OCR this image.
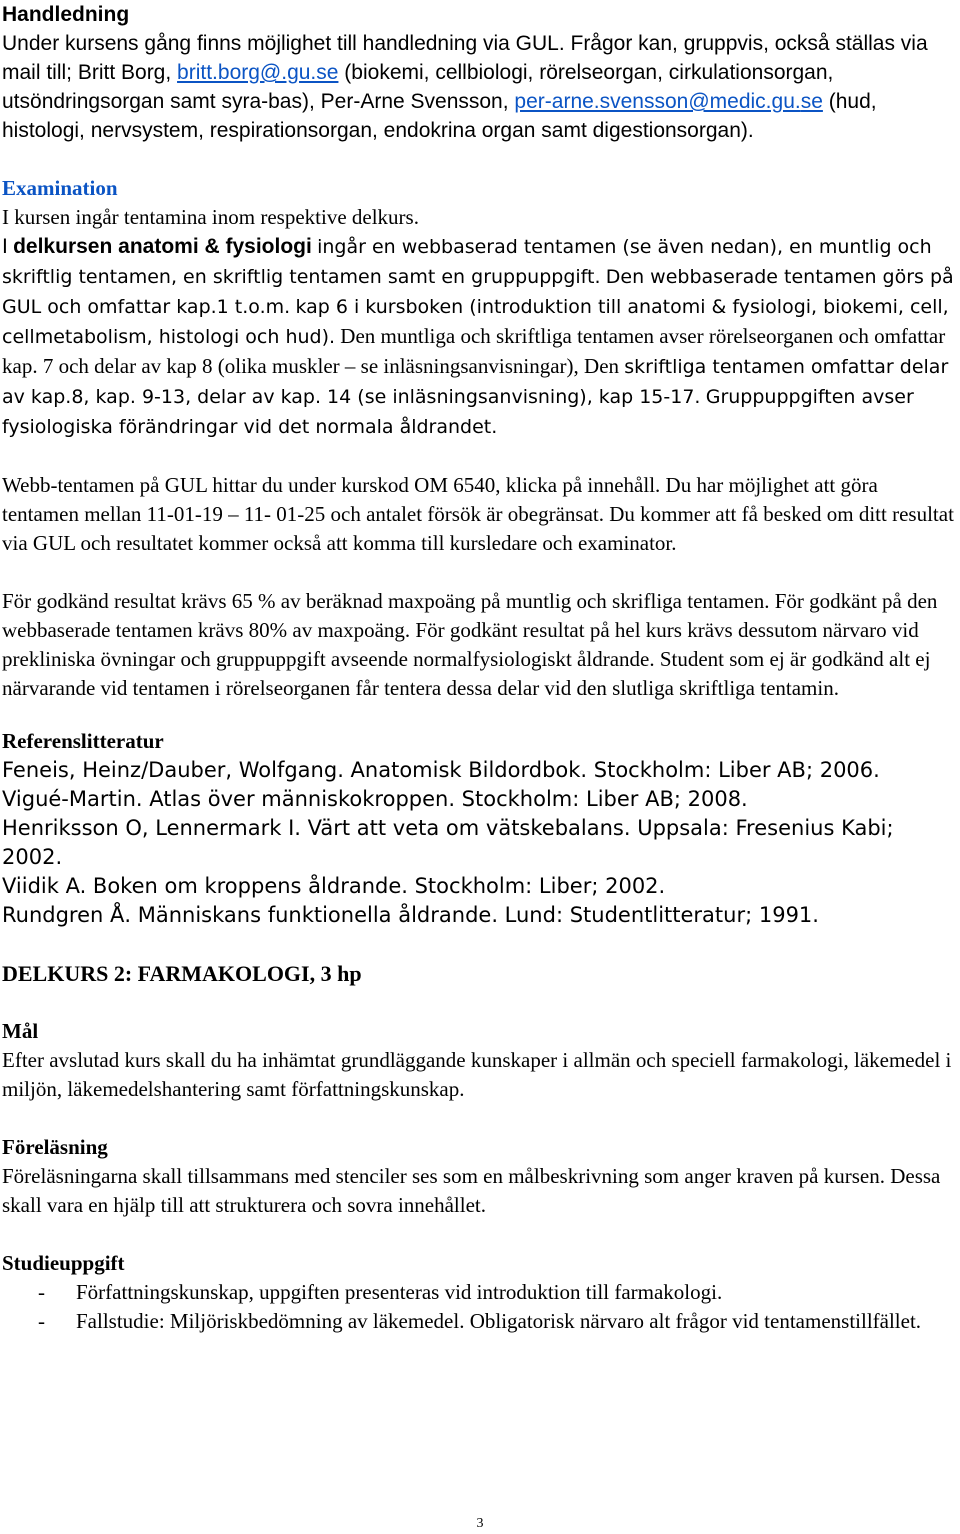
Handledning

Under kursens gång finns möjlighet till handledning via GUL. Frågor kan, gruppvis, också ställas via mail till; Britt Borg, britt.borg@.gu.se (biokemi, cellbiologi, rörelseorgan, cirkulationsorgan, utsöndringsorgan samt syra-bas), Per-Arne Svensson, per-arne.svensson@medic.gu.se (hud, histologi, nervsystem, respirationsorgan, endokrina organ samt digestionsorgan).

Examination

I kursen ingår tentamina inom respektive delkurs.

I delkursen anatomi & fysiologi ingår en webbaserad tentamen (se även nedan), en muntlig och skriftlig tentamen, en skriftlig tentamen samt en gruppuppgift. Den webbaserade tentamen görs på GUL och omfattar kap.1 t.o.m. kap 6 i kursboken (introduktion till anatomi & fysiologi, biokemi, cell, cellmetabolism, histologi och hud). Den muntliga och skriftliga tentamen avser rörelseorganen och omfattar kap. 7 och delar av kap 8 (olika muskler – se inläsningsanvisningar), Den skriftliga tentamen omfattar delar av kap.8, kap. 9-13, delar av kap. 14 (se inläsningsanvisning), kap 15-17. Gruppuppgiften avser fysiologiska förändringar vid det normala åldrandet.

Webb-tentamen på GUL hittar du under kurskod OM 6540, klicka på innehåll. Du har möjlighet att göra tentamen mellan 11-01-19 – 11- 01-25 och antalet försök är obegränsat. Du kommer att få besked om ditt resultat via GUL och resultatet kommer också att komma till kursledare och examinator.

För godkänd resultat krävs 65 % av beräknad maxpoäng på muntlig och skrifliga tentamen. För godkänt på den webbaserade tentamen krävs 80% av maxpoäng. För godkänt resultat på hel kurs krävs dessutom närvaro vid prekliniska övningar och gruppuppgift avseende normalfysiologiskt åldrande. Student som ej är godkänd alt ej närvarande vid tentamen i rörelseorganen får tentera dessa delar vid den slutliga skriftliga tentamin.

Referenslitteratur

Feneis, Heinz/Dauber, Wolfgang. Anatomisk Bildordbok. Stockholm: Liber AB; 2006.

Vigué-Martin. Atlas över människokroppen. Stockholm: Liber AB; 2008.

Henriksson O, Lennermark I. Värt att veta om vätskebalans. Uppsala: Fresenius Kabi; 2002.

Viidik A. Boken om kroppens åldrande. Stockholm: Liber; 2002.

Rundgren Å. Människans funktionella åldrande. Lund: Studentlitteratur; 1991.

DELKURS 2: FARMAKOLOGI, 3 hp

Mål

Efter avslutad kurs skall du ha inhämtat grundläggande kunskaper i allmän och speciell farmakologi, läkemedel i miljön, läkemedelshantering samt författningskunskap.

Föreläsning

Föreläsningarna skall tillsammans med stenciler ses som en målbeskrivning som anger kraven på kursen. Dessa skall vara en hjälp till att strukturera och sovra innehållet.

Studieuppgift

-	Författningskunskap, uppgiften presenteras vid introduktion till farmakologi.
-	Fallstudie: Miljöriskbedömning av läkemedel. Obligatorisk närvaro alt frågor vid tentamenstillfället.
3
